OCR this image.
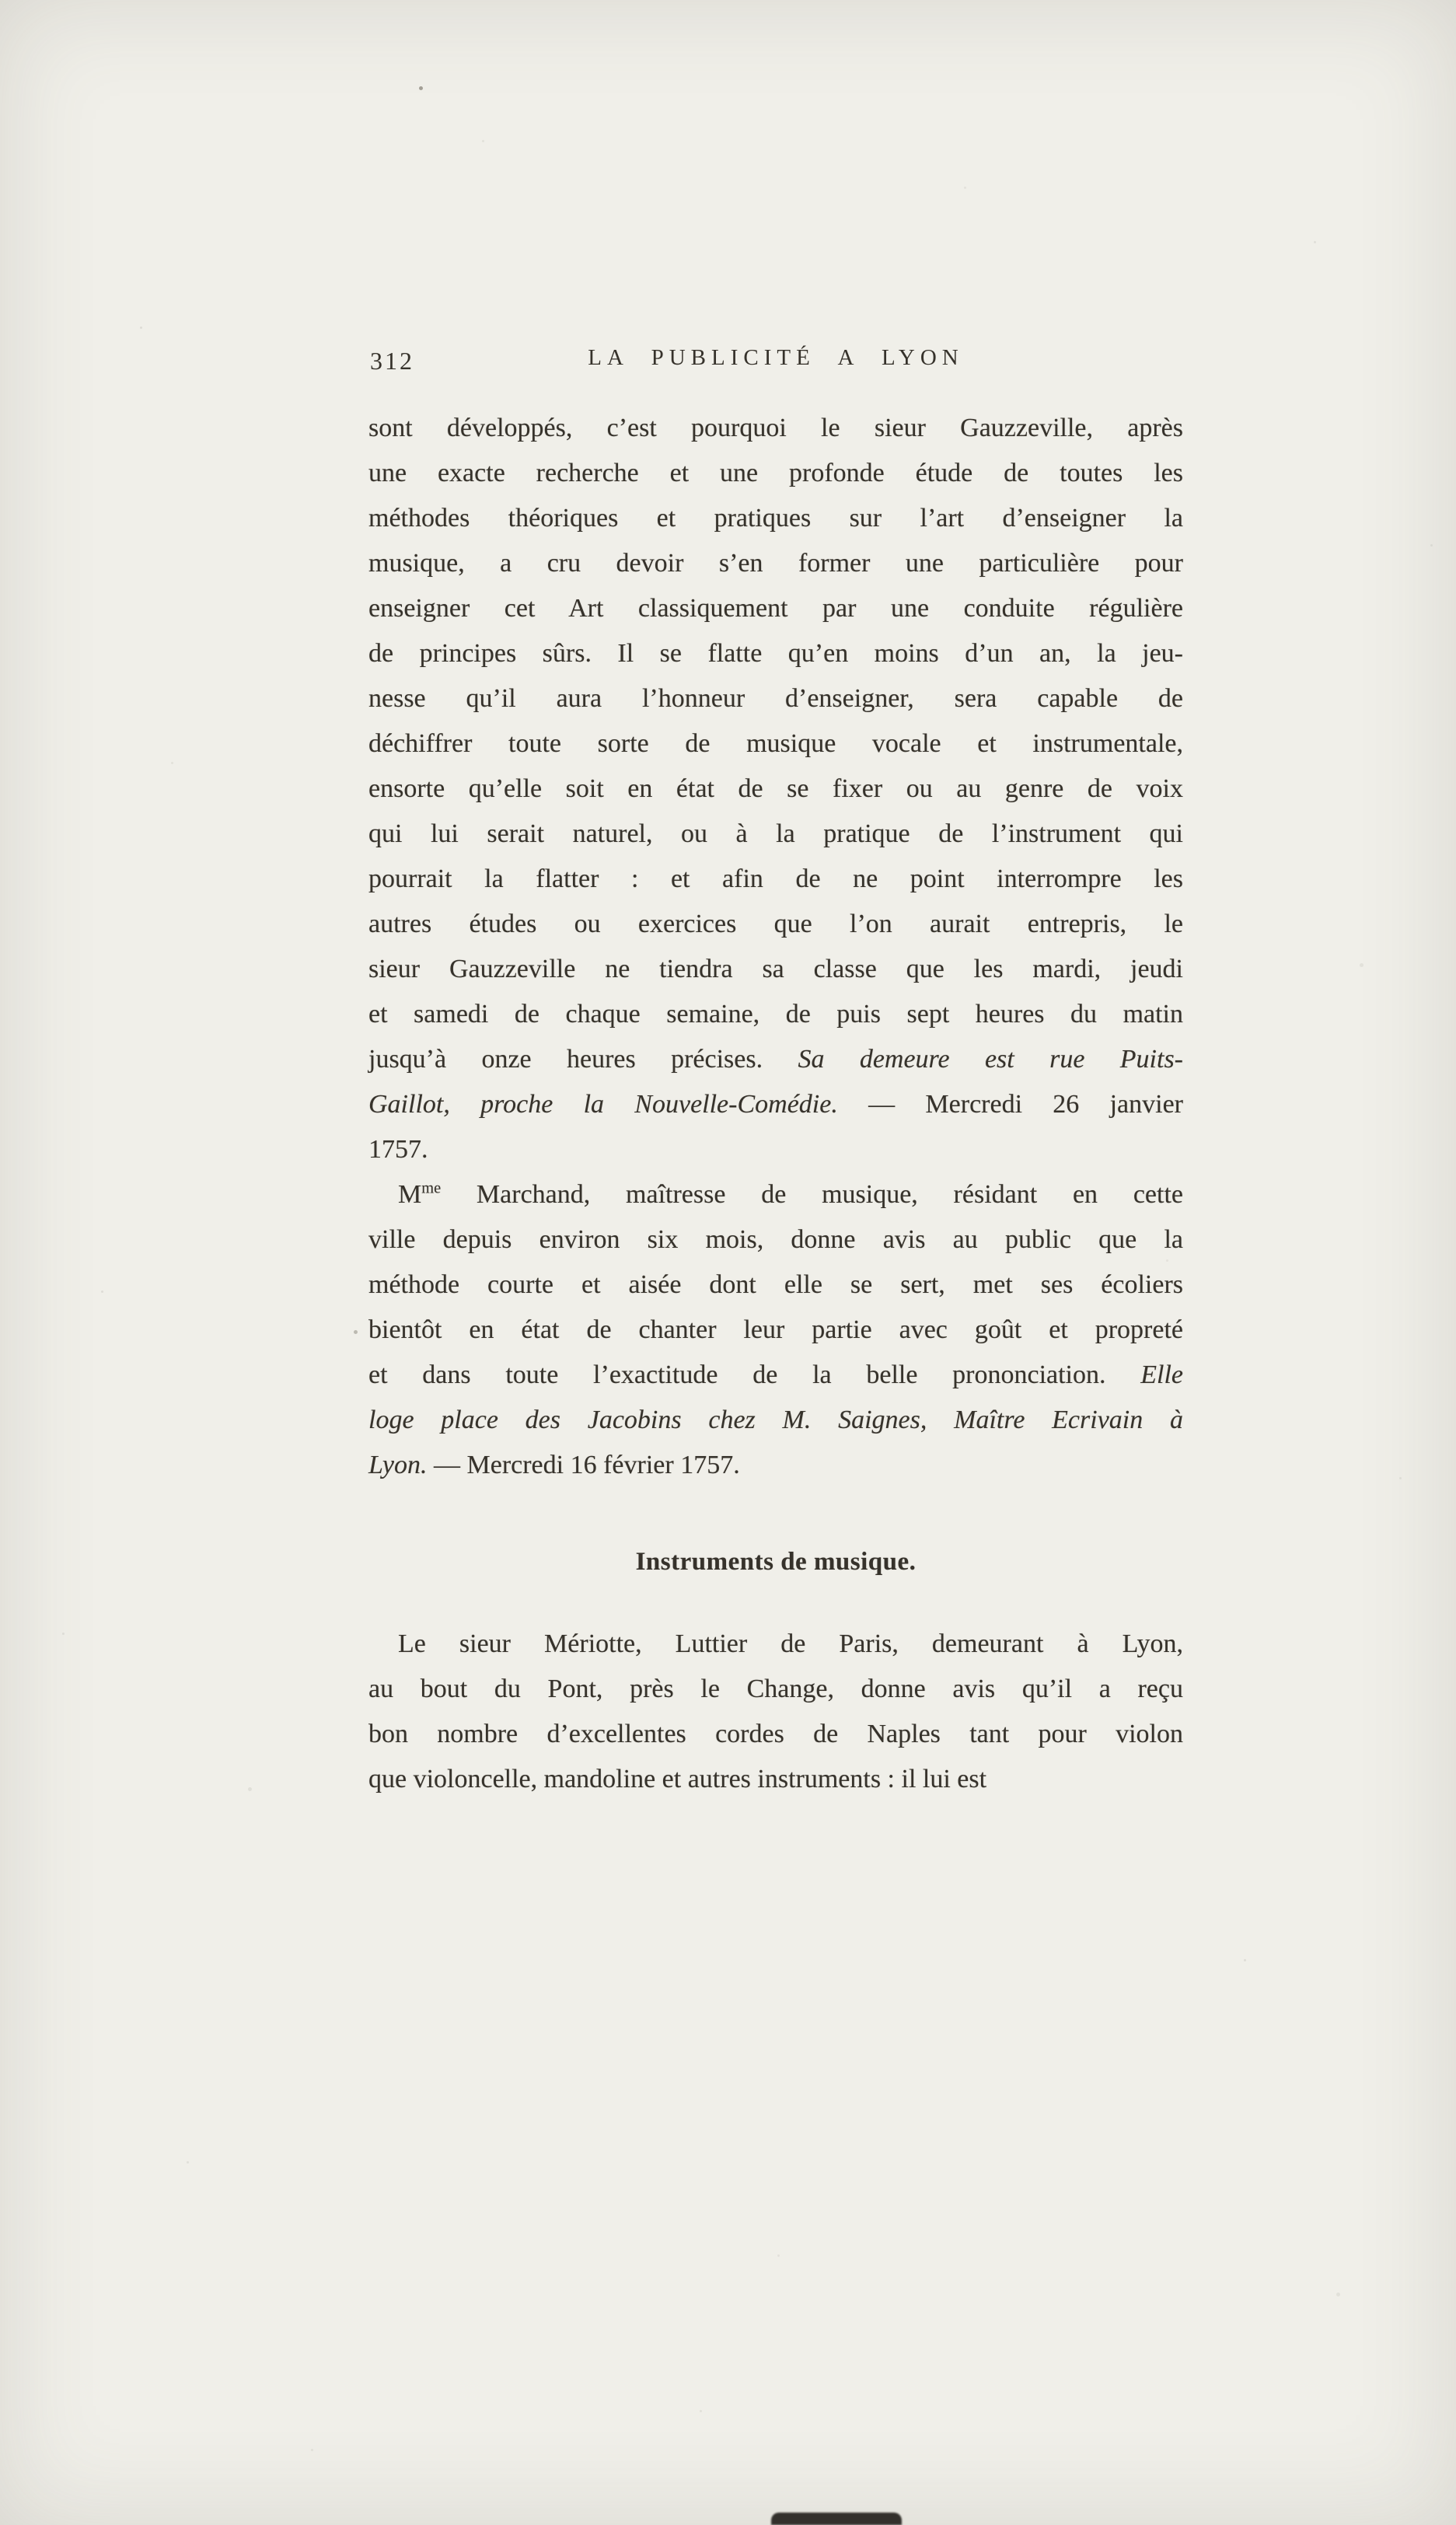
312	LA PUBLICITÉ A LYON
sont développés, c’est pourquoi le sieur Gauzzeville, après
une exacte recherche et une profonde étude de toutes les
méthodes théoriques et pratiques sur l’art d’enseigner la
musique, a cru devoir s’en former une particulière pour
enseigner cet Art classiquement par une conduite régulière
de principes sûrs. Il se flatte qu’en moins d’un an, la jeu-
nesse qu’il aura l’honneur d’enseigner, sera capable de
déchiffrer toute sorte de musique vocale et instrumentale,
ensorte qu’elle soit en état de se fixer ou au genre de voix
qui lui serait naturel, ou à la pratique de l’instrument qui
pourrait la flatter : et afin de ne point interrompre les
autres études ou exercices que l’on aurait entrepris, le
sieur Gauzzeville ne tiendra sa classe que les mardi, jeudi
et samedi de chaque semaine, de puis sept heures du matin
jusqu’à onze heures précises. Sa demeure est rue Puits-
Gaillot, proche la Nouvelle-Comédie. — Mercredi 26 janvier
1757.
$M^{me}$ Marchand, maîtresse de musique, résidant en cette
ville depuis environ six mois, donne avis au public que la
méthode courte et aisée dont elle se sert, met ses écoliers
bientôt en état de chanter leur partie avec goût et propreté
et dans toute l’exactitude de la belle prononciation. Elle
loge place des Jacobins chez M. Saignes, Maître Ecrivain à
Lyon. — Mercredi 16 février 1757.
Instruments de musique.
Le sieur Mériotte, Luttier de Paris, demeurant à Lyon,
au bout du Pont, près le Change, donne avis qu’il a reçu
bon nombre d’excellentes cordes de Naples tant pour violon
que violoncelle, mandoline et autres instruments : il lui est
